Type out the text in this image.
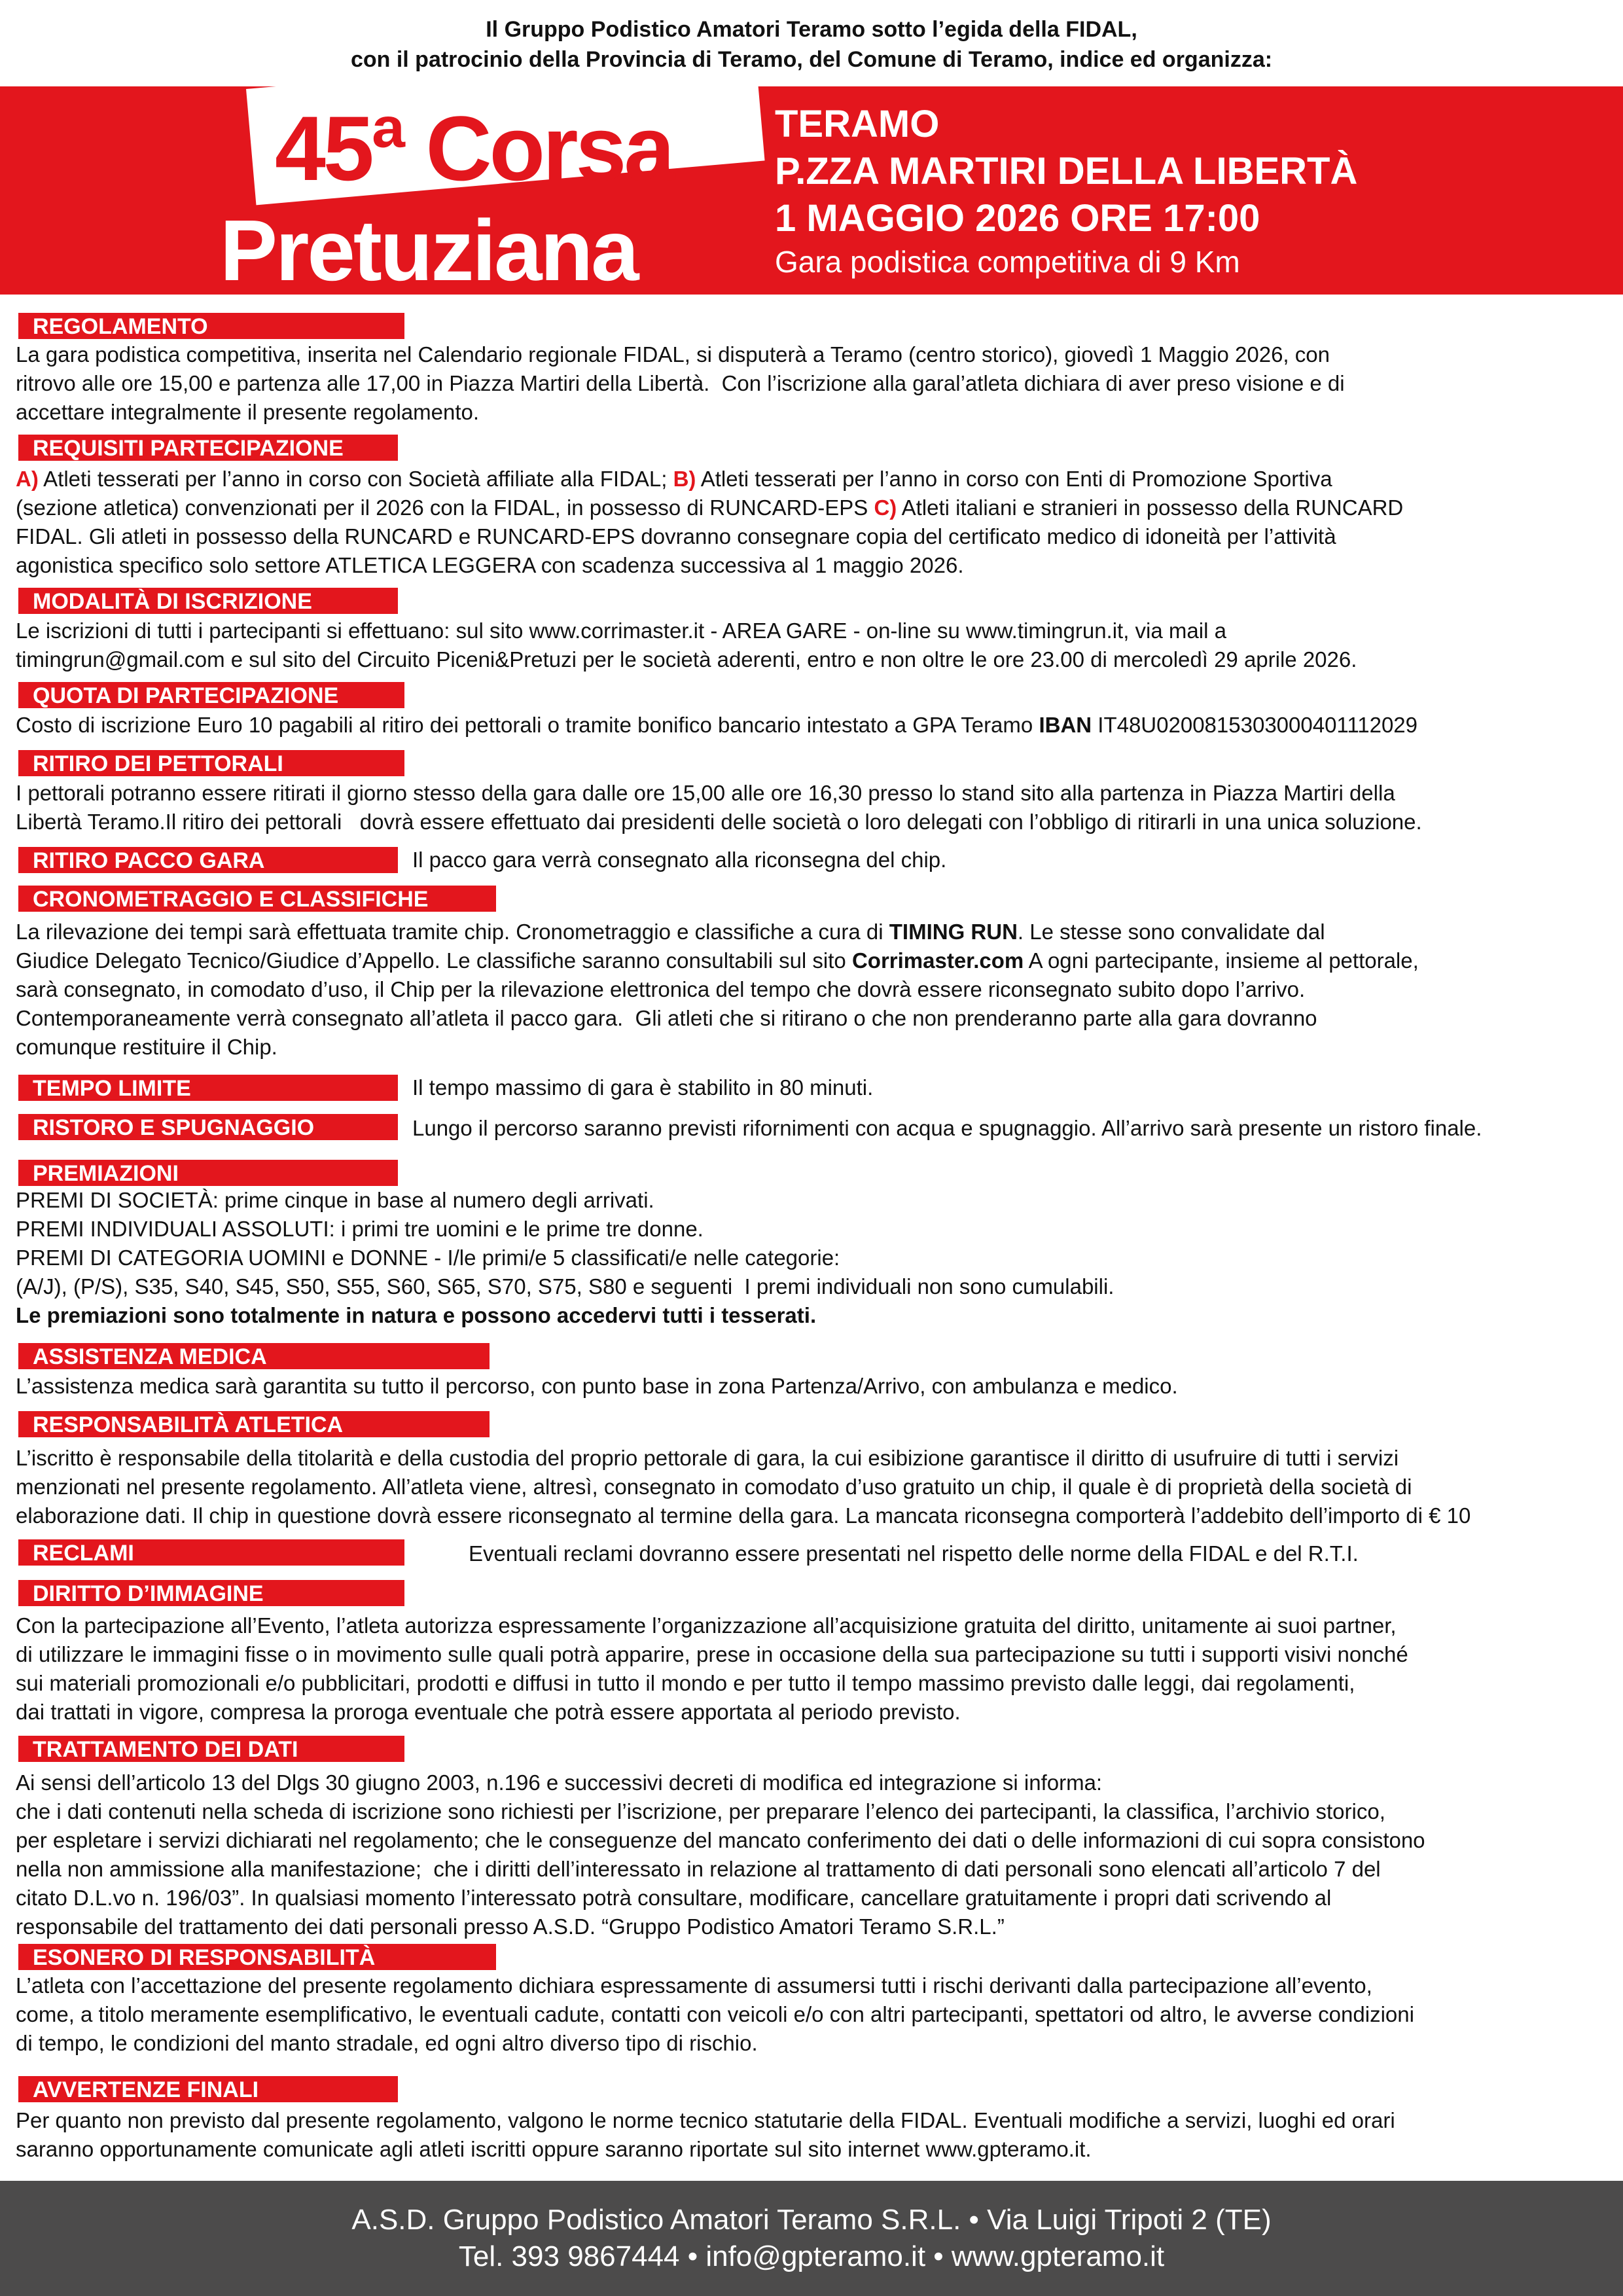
Il Gruppo Podistico Amatori Teramo sotto l’egida della FIDAL,
con il patrocinio della Provincia di Teramo, del Comune di Teramo, indice ed organizza:
45ª Corsa
Pretuziana
TERAMO
P.ZZA MARTIRI DELLA LIBERTÀ
1 MAGGIO 2026 ORE 17:00
Gara podistica competitiva di 9 Km
REGOLAMENTO
La gara podistica competitiva, inserita nel Calendario regionale FIDAL, si disputerà a Teramo (centro storico), giovedì 1 Maggio 2026, con
ritrovo alle ore 15,00 e partenza alle 17,00 in Piazza Martiri della Libertà.  Con l’iscrizione alla garal’atleta dichiara di aver preso visione e di
accettare integralmente il presente regolamento.
REQUISITI PARTECIPAZIONE
A) Atleti tesserati per l’anno in corso con Società affiliate alla FIDAL; B) Atleti tesserati per l’anno in corso con Enti di Promozione Sportiva
(sezione atletica) convenzionati per il 2026 con la FIDAL, in possesso di RUNCARD-EPS C) Atleti italiani e stranieri in possesso della RUNCARD
FIDAL. Gli atleti in possesso della RUNCARD e RUNCARD-EPS dovranno consegnare copia del certificato medico di idoneità per l’attività
agonistica specifico solo settore ATLETICA LEGGERA con scadenza successiva al 1 maggio 2026.
MODALITÀ DI ISCRIZIONE
Le iscrizioni di tutti i partecipanti si effettuano: sul sito www.corrimaster.it - AREA GARE - on-line su www.timingrun.it, via mail a
timingrun@gmail.com e sul sito del Circuito Piceni&Pretuzi per le società aderenti, entro e non oltre le ore 23.00 di mercoledì 29 aprile 2026.
QUOTA DI PARTECIPAZIONE
Costo di iscrizione Euro 10 pagabili al ritiro dei pettorali o tramite bonifico bancario intestato a GPA Teramo IBAN IT48U0200815303000401112029
RITIRO DEI PETTORALI
I pettorali potranno essere ritirati il giorno stesso della gara dalle ore 15,00 alle ore 16,30 presso lo stand sito alla partenza in Piazza Martiri della
Libertà Teramo.Il ritiro dei pettorali   dovrà essere effettuato dai presidenti delle società o loro delegati con l’obbligo di ritirarli in una unica soluzione.
RITIRO PACCO GARA	Il pacco gara verrà consegnato alla riconsegna del chip.
CRONOMETRAGGIO E CLASSIFICHE
La rilevazione dei tempi sarà effettuata tramite chip. Cronometraggio e classifiche a cura di TIMING RUN. Le stesse sono convalidate dal
Giudice Delegato Tecnico/Giudice d’Appello. Le classifiche saranno consultabili sul sito Corrimaster.com A ogni partecipante, insieme al pettorale,
sarà consegnato, in comodato d’uso, il Chip per la rilevazione elettronica del tempo che dovrà essere riconsegnato subito dopo l’arrivo.
Contemporaneamente verrà consegnato all’atleta il pacco gara.  Gli atleti che si ritirano o che non prenderanno parte alla gara dovranno
comunque restituire il Chip.
TEMPO LIMITE	Il tempo massimo di gara è stabilito in 80 minuti.
RISTORO E SPUGNAGGIO	Lungo il percorso saranno previsti rifornimenti con acqua e spugnaggio. All’arrivo sarà presente un ristoro finale.
PREMIAZIONI
PREMI DI SOCIETÀ: prime cinque in base al numero degli arrivati.
PREMI INDIVIDUALI ASSOLUTI: i primi tre uomini e le prime tre donne.
PREMI DI CATEGORIA UOMINI e DONNE - I/le primi/e 5 classificati/e nelle categorie:
(A/J), (P/S), S35, S40, S45, S50, S55, S60, S65, S70, S75, S80 e seguenti  I premi individuali non sono cumulabili.
Le premiazioni sono totalmente in natura e possono accedervi tutti i tesserati.
ASSISTENZA MEDICA
L’assistenza medica sarà garantita su tutto il percorso, con punto base in zona Partenza/Arrivo, con ambulanza e medico.
RESPONSABILITÀ ATLETICA
L’iscritto è responsabile della titolarità e della custodia del proprio pettorale di gara, la cui esibizione garantisce il diritto di usufruire di tutti i servizi
menzionati nel presente regolamento. All’atleta viene, altresì, consegnato in comodato d’uso gratuito un chip, il quale è di proprietà della società di
elaborazione dati. Il chip in questione dovrà essere riconsegnato al termine della gara. La mancata riconsegna comporterà l’addebito dell’importo di € 10
RECLAMI	Eventuali reclami dovranno essere presentati nel rispetto delle norme della FIDAL e del R.T.I.
DIRITTO D’IMMAGINE
Con la partecipazione all’Evento, l’atleta autorizza espressamente l’organizzazione all’acquisizione gratuita del diritto, unitamente ai suoi partner,
di utilizzare le immagini fisse o in movimento sulle quali potrà apparire, prese in occasione della sua partecipazione su tutti i supporti visivi nonché
sui materiali promozionali e/o pubblicitari, prodotti e diffusi in tutto il mondo e per tutto il tempo massimo previsto dalle leggi, dai regolamenti,
dai trattati in vigore, compresa la proroga eventuale che potrà essere apportata al periodo previsto.
TRATTAMENTO DEI DATI
Ai sensi dell’articolo 13 del Dlgs 30 giugno 2003, n.196 e successivi decreti di modifica ed integrazione si informa:
che i dati contenuti nella scheda di iscrizione sono richiesti per l’iscrizione, per preparare l’elenco dei partecipanti, la classifica, l’archivio storico,
per espletare i servizi dichiarati nel regolamento; che le conseguenze del mancato conferimento dei dati o delle informazioni di cui sopra consistono
nella non ammissione alla manifestazione;  che i diritti dell’interessato in relazione al trattamento di dati personali sono elencati all’articolo 7 del
citato D.L.vo n. 196/03”. In qualsiasi momento l’interessato potrà consultare, modificare, cancellare gratuitamente i propri dati scrivendo al
responsabile del trattamento dei dati personali presso A.S.D. “Gruppo Podistico Amatori Teramo S.R.L.”
ESONERO DI RESPONSABILITÀ
L’atleta con l’accettazione del presente regolamento dichiara espressamente di assumersi tutti i rischi derivanti dalla partecipazione all’evento,
come, a titolo meramente esemplificativo, le eventuali cadute, contatti con veicoli e/o con altri partecipanti, spettatori od altro, le avverse condizioni
di tempo, le condizioni del manto stradale, ed ogni altro diverso tipo di rischio.
AVVERTENZE FINALI
Per quanto non previsto dal presente regolamento, valgono le norme tecnico statutarie della FIDAL. Eventuali modifiche a servizi, luoghi ed orari
saranno opportunamente comunicate agli atleti iscritti oppure saranno riportate sul sito internet www.gpteramo.it.
A.S.D. Gruppo Podistico Amatori Teramo S.R.L. • Via Luigi Tripoti 2 (TE)
Tel. 393 9867444 • info@gpteramo.it • www.gpteramo.it
